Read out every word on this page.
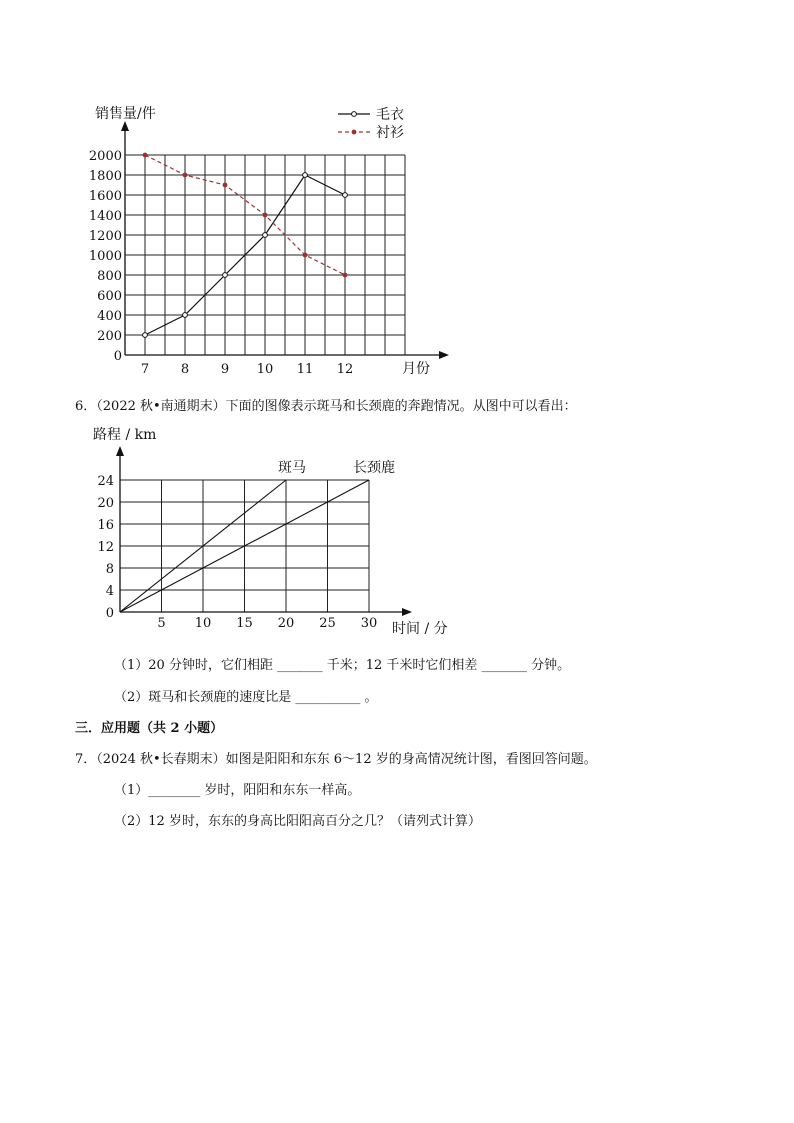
0
200
400
600
800
1000
1200
1400
1600
1800
2000
7 8 9 10 11 12
销售量/件
月份
毛衣
衬衫
6．（2022 秋•南通期末）下面的图像表示斑马和长颈鹿的奔跑情况。从图中可以看出：
0
4
8
12
16
20
24
5 10 15 20 25 30
斑马	长颈鹿
路程 / km
时间 / 分
（1）20 分钟时，它们相距 _______ 千米；12 千米时它们相差 _______ 分钟。
（2）斑马和长颈鹿的速度比是 __________ 。
三．应用题（共 2 小题）
7．（2024 秋•长春期末）如图是阳阳和东东 6～12 岁的身高情况统计图，看图回答问题。
（1）________ 岁时，阳阳和东东一样高。
（2）12 岁时，东东的身高比阳阳高百分之几？（请列式计算）
